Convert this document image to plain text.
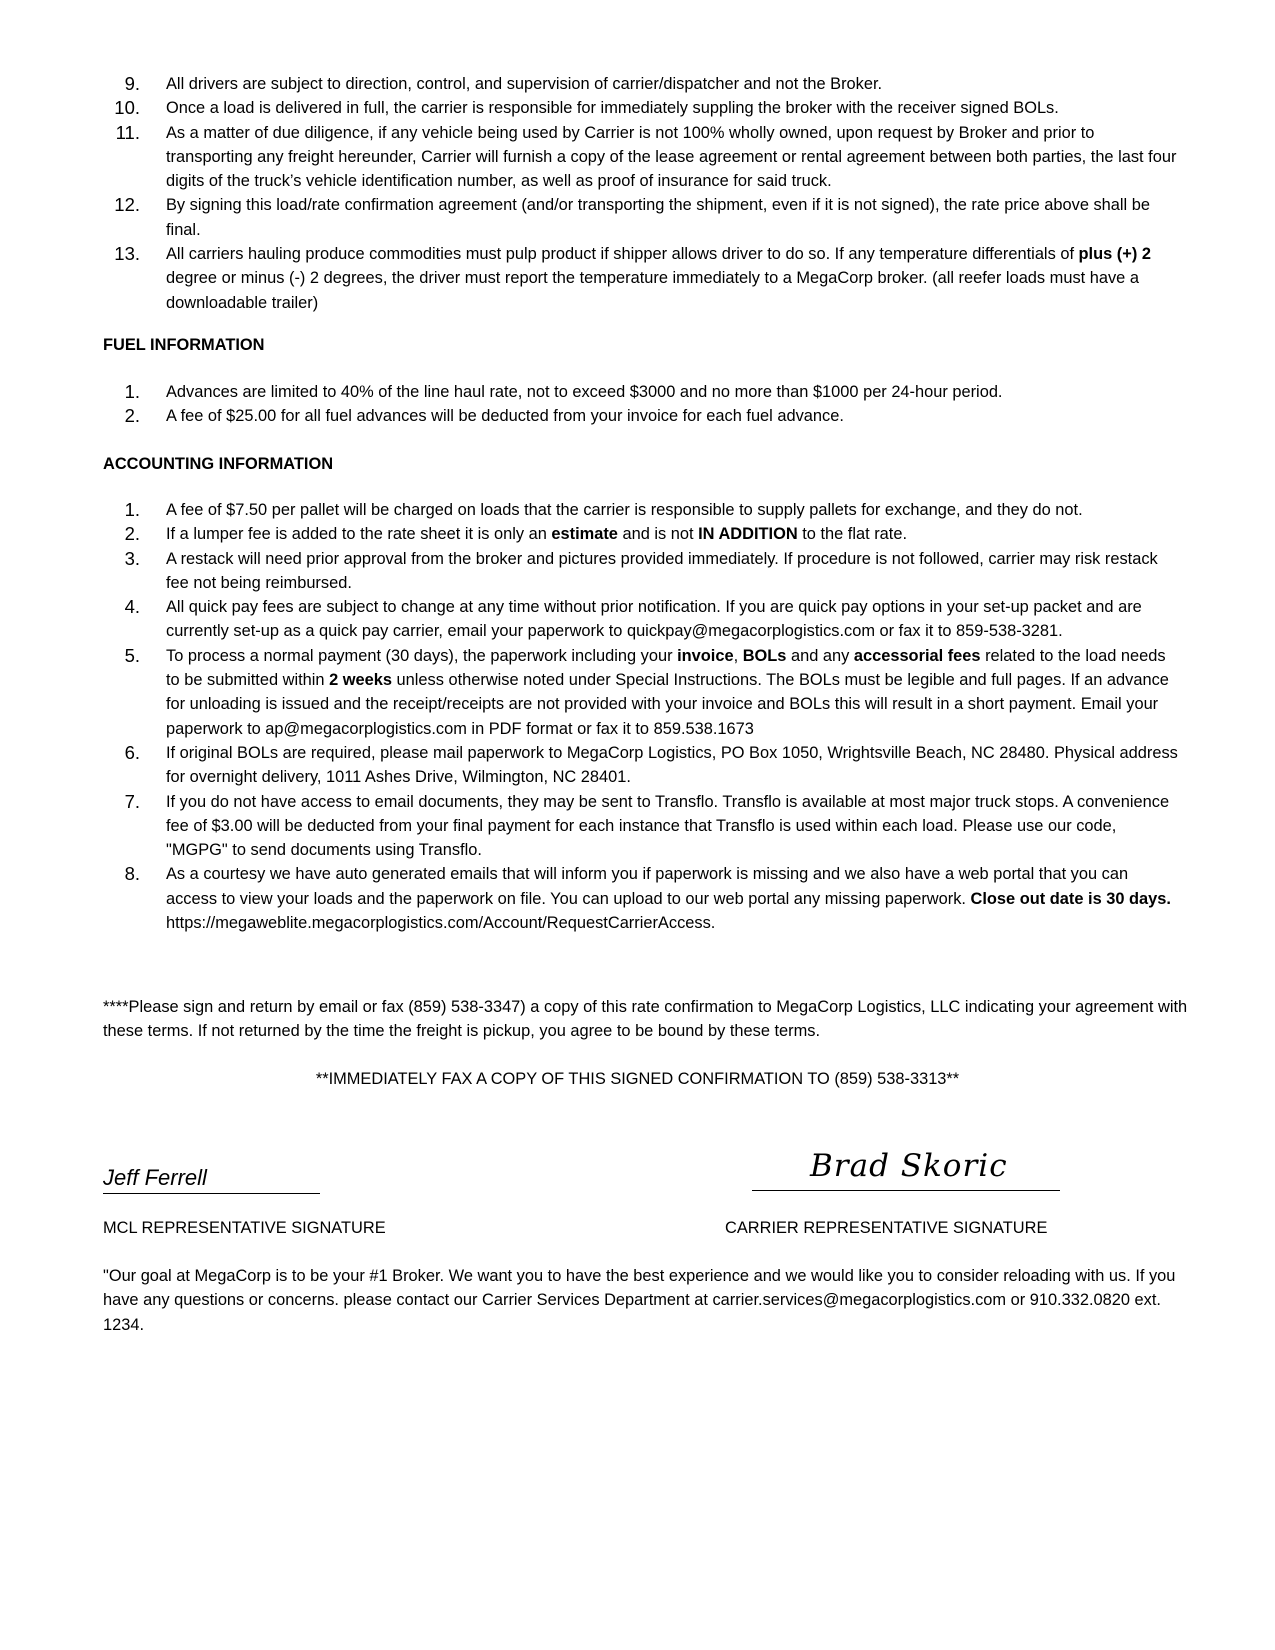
9. All drivers are subject to direction, control, and supervision of carrier/dispatcher and not the Broker.
10. Once a load is delivered in full, the carrier is responsible for immediately suppling the broker with the receiver signed BOLs.
11. As a matter of due diligence, if any vehicle being used by Carrier is not 100% wholly owned, upon request by Broker and prior to transporting any freight hereunder, Carrier will furnish a copy of the lease agreement or rental agreement between both parties, the last four digits of the truck’s vehicle identification number, as well as proof of insurance for said truck.
12. By signing this load/rate confirmation agreement (and/or transporting the shipment, even if it is not signed), the rate price above shall be final.
13. All carriers hauling produce commodities must pulp product if shipper allows driver to do so. If any temperature differentials of plus (+) 2 degree or minus (-) 2 degrees, the driver must report the temperature immediately to a MegaCorp broker. (all reefer loads must have a downloadable trailer)
FUEL INFORMATION
1. Advances are limited to 40% of the line haul rate, not to exceed $3000 and no more than $1000 per 24-hour period.
2. A fee of $25.00 for all fuel advances will be deducted from your invoice for each fuel advance.
ACCOUNTING INFORMATION
1. A fee of $7.50 per pallet will be charged on loads that the carrier is responsible to supply pallets for exchange, and they do not.
2. If a lumper fee is added to the rate sheet it is only an estimate and is not IN ADDITION to the flat rate.
3. A restack will need prior approval from the broker and pictures provided immediately. If procedure is not followed, carrier may risk restack fee not being reimbursed.
4. All quick pay fees are subject to change at any time without prior notification. If you are quick pay options in your set-up packet and are currently set-up as a quick pay carrier, email your paperwork to quickpay@megacorplogistics.com or fax it to 859-538-3281.
5. To process a normal payment (30 days), the paperwork including your invoice, BOLs and any accessorial fees related to the load needs to be submitted within 2 weeks unless otherwise noted under Special Instructions. The BOLs must be legible and full pages. If an advance for unloading is issued and the receipt/receipts are not provided with your invoice and BOLs this will result in a short payment. Email your paperwork to ap@megacorplogistics.com in PDF format or fax it to 859.538.1673
6. If original BOLs are required, please mail paperwork to MegaCorp Logistics, PO Box 1050, Wrightsville Beach, NC 28480. Physical address for overnight delivery, 1011 Ashes Drive, Wilmington, NC 28401.
7. If you do not have access to email documents, they may be sent to Transflo. Transflo is available at most major truck stops. A convenience fee of $3.00 will be deducted from your final payment for each instance that Transflo is used within each load. Please use our code, "MGPG" to send documents using Transflo.
8. As a courtesy we have auto generated emails that will inform you if paperwork is missing and we also have a web portal that you can access to view your loads and the paperwork on file. You can upload to our web portal any missing paperwork. Close out date is 30 days. https://megaweblite.megacorplogistics.com/Account/RequestCarrierAccess.
****Please sign and return by email or fax (859) 538-3347) a copy of this rate confirmation to MegaCorp Logistics, LLC indicating your agreement with these terms. If not returned by the time the freight is pickup, you agree to be bound by these terms.
**IMMEDIATELY FAX A COPY OF THIS SIGNED CONFIRMATION TO (859) 538-3313**
Jeff Ferrell	Brad Skoric
MCL REPRESENTATIVE SIGNATURE	CARRIER REPRESENTATIVE SIGNATURE
"Our goal at MegaCorp is to be your #1 Broker. We want you to have the best experience and we would like you to consider reloading with us. If you have any questions or concerns. please contact our Carrier Services Department at carrier.services@megacorplogistics.com or 910.332.0820 ext. 1234.
